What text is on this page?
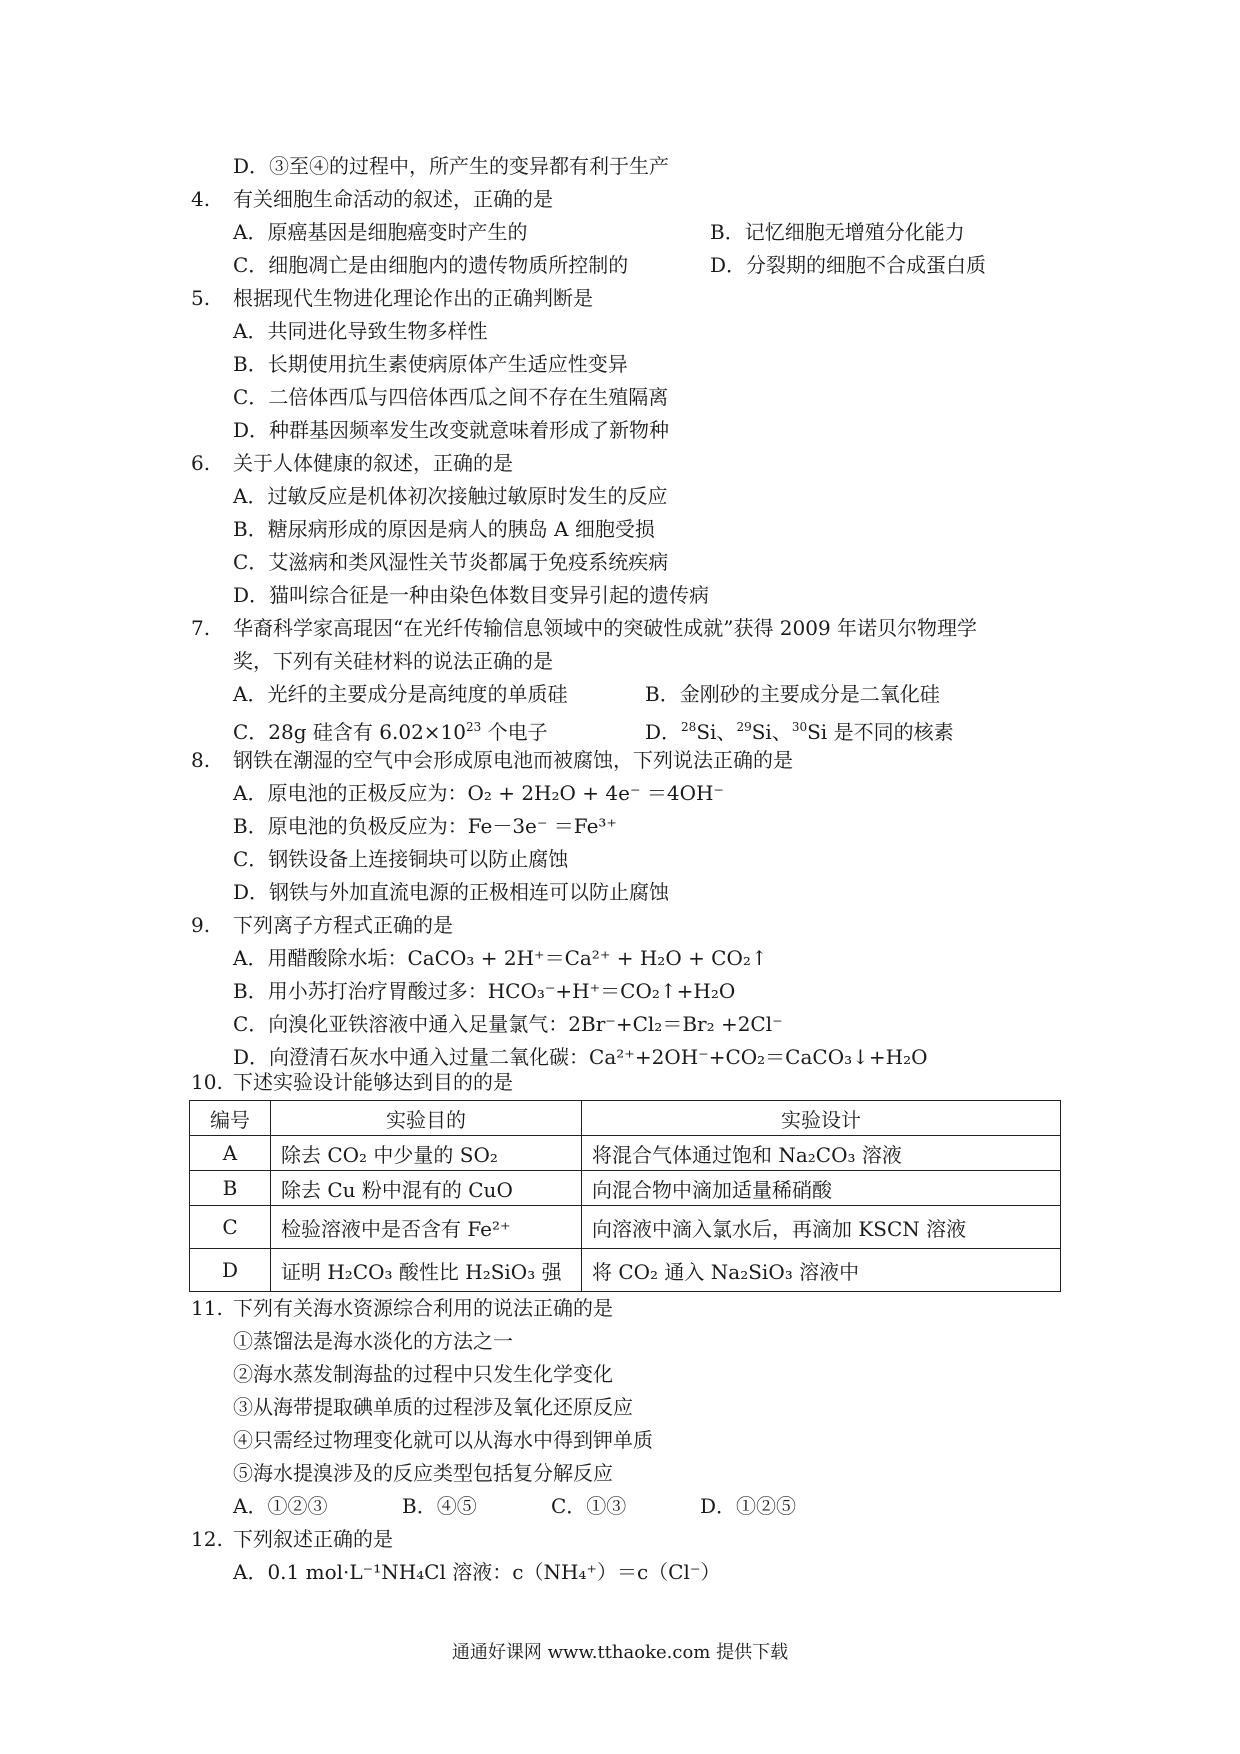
D．③至④的过程中，所产生的变异都有利于生产
4. 有关细胞生命活动的叙述，正确的是
A．原癌基因是细胞癌变时产生的	B．记忆细胞无增殖分化能力
C．细胞凋亡是由细胞内的遗传物质所控制的	D．分裂期的细胞不合成蛋白质
5. 根据现代生物进化理论作出的正确判断是
A．共同进化导致生物多样性
B．长期使用抗生素使病原体产生适应性变异
C．二倍体西瓜与四倍体西瓜之间不存在生殖隔离
D．种群基因频率发生改变就意味着形成了新物种
6. 关于人体健康的叙述，正确的是
A．过敏反应是机体初次接触过敏原时发生的反应
B．糖尿病形成的原因是病人的胰岛 A 细胞受损
C．艾滋病和类风湿性关节炎都属于免疫系统疾病
D．猫叫综合征是一种由染色体数目变异引起的遗传病
7. 华裔科学家高琨因“在光纤传输信息领域中的突破性成就”获得 2009 年诺贝尔物理学
奖，下列有关硅材料的说法正确的是
A．光纤的主要成分是高纯度的单质硅	B．金刚砂的主要成分是二氧化硅
C．28g 硅含有 $6.02\times 10^{23}$ 个电子	D．$^{28}$Si、$^{29}$Si、$^{30}$Si 是不同的核素
8. 钢铁在潮湿的空气中会形成原电池而被腐蚀，下列说法正确的是
A．原电池的正极反应为：O₂ + 2H₂O + 4e⁻ ＝4OH⁻
B．原电池的负极反应为：Fe－3e⁻ ＝Fe³⁺
C．钢铁设备上连接铜块可以防止腐蚀
D．钢铁与外加直流电源的正极相连可以防止腐蚀
9. 下列离子方程式正确的是
A．用醋酸除水垢：CaCO₃ + 2H⁺＝Ca²⁺ + H₂O + CO₂↑
B．用小苏打治疗胃酸过多：HCO₃⁻+H⁺＝CO₂↑+H₂O
C．向溴化亚铁溶液中通入足量氯气：2Br⁻+Cl₂＝Br₂ +2Cl⁻
D．向澄清石灰水中通入过量二氧化碳：Ca²⁺+2OH⁻+CO₂＝CaCO₃↓+H₂O
10. 下述实验设计能够达到目的的是
编号	实验目的	实验设计
A	除去 CO₂ 中少量的 SO₂	将混合气体通过饱和 Na₂CO₃ 溶液
B	除去 Cu 粉中混有的 CuO	向混合物中滴加适量稀硝酸
C	检验溶液中是否含有 Fe²⁺	向溶液中滴入氯水后，再滴加 KSCN 溶液
D	证明 H₂CO₃ 酸性比 H₂SiO₃ 强	将 CO₂ 通入 Na₂SiO₃ 溶液中
11. 下列有关海水资源综合利用的说法正确的是
①蒸馏法是海水淡化的方法之一
②海水蒸发制海盐的过程中只发生化学变化
③从海带提取碘单质的过程涉及氧化还原反应
④只需经过物理变化就可以从海水中得到钾单质
⑤海水提溴涉及的反应类型包括复分解反应
A．①②③	B．④⑤	C．①③	D．①②⑤
12. 下列叙述正确的是
A．0.1 mol·L⁻¹NH₄Cl 溶液：c（NH₄⁺）＝c（Cl⁻）
通通好课网 www.tthaoke.com 提供下载
